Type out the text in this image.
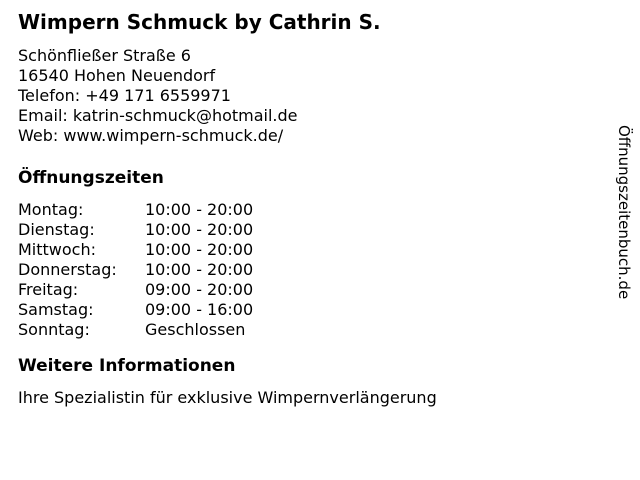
Wimpern Schmuck by Cathrin S.
Schönfließer Straße 6
16540 Hohen Neuendorf
Telefon: +49 171 6559971
Email: katrin-schmuck@hotmail.de
Web: www.wimpern-schmuck.de/
Öffnungszeiten
Montag:	10:00 - 20:00
Dienstag:	10:00 - 20:00
Mittwoch:	10:00 - 20:00
Donnerstag:	10:00 - 20:00
Freitag:	09:00 - 20:00
Samstag:	09:00 - 16:00
Sonntag:	Geschlossen
Weitere Informationen

Ihre Spezialistin für exklusive Wimpernverlängerung

Öffnungszeitenbuch.de
